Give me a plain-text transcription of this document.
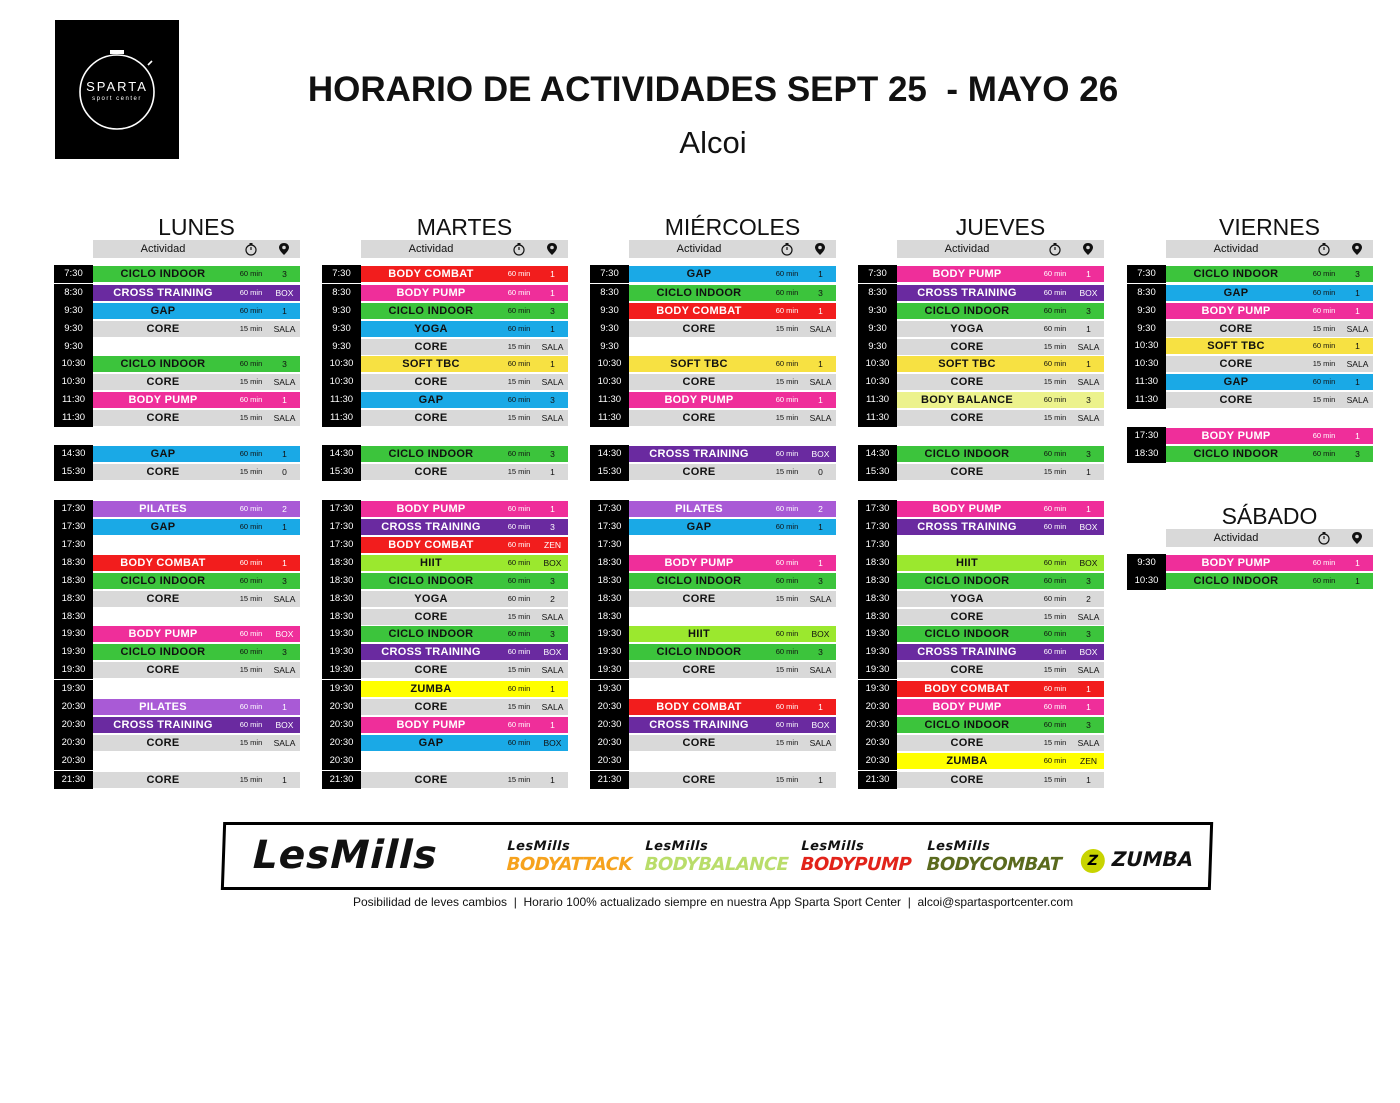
SPARTA
sport center	HORARIO DE ACTIVIDADES SEPT 25  - MAYO 26
Alcoi
LUNES
Actividad
7:30	CICLO INDOOR	60 min	3
8:30	CROSS TRAINING	60 min	BOX
9:30	GAP	60 min	1
9:30	CORE	15 min	SALA
9:30
10:30	CICLO INDOOR	60 min	3
10:30	CORE	15 min	SALA
11:30	BODY PUMP	60 min	1
11:30	CORE	15 min	SALA
14:30	GAP	60 min	1
15:30	CORE	15 min	0
17:30	PILATES	60 min	2
17:30	GAP	60 min	1
17:30
18:30	BODY COMBAT	60 min	1
18:30	CICLO INDOOR	60 min	3
18:30	CORE	15 min	SALA
18:30
19:30	BODY PUMP	60 min	BOX
19:30	CICLO INDOOR	60 min	3
19:30	CORE	15 min	SALA
19:30
20:30	PILATES	60 min	1
20:30	CROSS TRAINING	60 min	BOX
20:30	CORE	15 min	SALA
20:30
21:30	CORE	15 min	1
MARTES
Actividad
7:30	BODY COMBAT	60 min	1
8:30	BODY PUMP	60 min	1
9:30	CICLO INDOOR	60 min	3
9:30	YOGA	60 min	1
9:30	CORE	15 min	SALA
10:30	SOFT TBC	60 min	1
10:30	CORE	15 min	SALA
11:30	GAP	60 min	3
11:30	CORE	15 min	SALA
14:30	CICLO INDOOR	60 min	3
15:30	CORE	15 min	1
17:30	BODY PUMP	60 min	1
17:30	CROSS TRAINING	60 min	3
17:30	BODY COMBAT	60 min	ZEN
18:30	HIIT	60 min	BOX
18:30	CICLO INDOOR	60 min	3
18:30	YOGA	60 min	2
18:30	CORE	15 min	SALA
19:30	CICLO INDOOR	60 min	3
19:30	CROSS TRAINING	60 min	BOX
19:30	CORE	15 min	SALA
19:30	ZUMBA	60 min	1
20:30	CORE	15 min	SALA
20:30	BODY PUMP	60 min	1
20:30	GAP	60 min	BOX
20:30
21:30	CORE	15 min	1
MIÉRCOLES
Actividad
7:30	GAP	60 min	1
8:30	CICLO INDOOR	60 min	3
9:30	BODY COMBAT	60 min	1
9:30	CORE	15 min	SALA
9:30
10:30	SOFT TBC	60 min	1
10:30	CORE	15 min	SALA
11:30	BODY PUMP	60 min	1
11:30	CORE	15 min	SALA
14:30	CROSS TRAINING	60 min	BOX
15:30	CORE	15 min	0
17:30	PILATES	60 min	2
17:30	GAP	60 min	1
17:30
18:30	BODY PUMP	60 min	1
18:30	CICLO INDOOR	60 min	3
18:30	CORE	15 min	SALA
18:30
19:30	HIIT	60 min	BOX
19:30	CICLO INDOOR	60 min	3
19:30	CORE	15 min	SALA
19:30
20:30	BODY COMBAT	60 min	1
20:30	CROSS TRAINING	60 min	BOX
20:30	CORE	15 min	SALA
20:30
21:30	CORE	15 min	1
JUEVES
Actividad
7:30	BODY PUMP	60 min	1
8:30	CROSS TRAINING	60 min	BOX
9:30	CICLO INDOOR	60 min	3
9:30	YOGA	60 min	1
9:30	CORE	15 min	SALA
10:30	SOFT TBC	60 min	1
10:30	CORE	15 min	SALA
11:30	BODY BALANCE	60 min	3
11:30	CORE	15 min	SALA
14:30	CICLO INDOOR	60 min	3
15:30	CORE	15 min	1
17:30	BODY PUMP	60 min	1
17:30	CROSS TRAINING	60 min	BOX
17:30
18:30	HIIT	60 min	BOX
18:30	CICLO INDOOR	60 min	3
18:30	YOGA	60 min	2
18:30	CORE	15 min	SALA
19:30	CICLO INDOOR	60 min	3
19:30	CROSS TRAINING	60 min	BOX
19:30	CORE	15 min	SALA
19:30	BODY COMBAT	60 min	1
20:30	BODY PUMP	60 min	1
20:30	CICLO INDOOR	60 min	3
20:30	CORE	15 min	SALA
20:30	ZUMBA	60 min	ZEN
21:30	CORE	15 min	1
VIERNES
Actividad
7:30	CICLO INDOOR	60 min	3
8:30	GAP	60 min	1
9:30	BODY PUMP	60 min	1
9:30	CORE	15 min	SALA
10:30	SOFT TBC	60 min	1
10:30	CORE	15 min	SALA
11:30	GAP	60 min	1
11:30	CORE	15 min	SALA
17:30	BODY PUMP	60 min	1
18:30	CICLO INDOOR	60 min	3
SÁBADO
Actividad
9:30	BODY PUMP	60 min	1
10:30	CICLO INDOOR	60 min	1
LesMills	LesMills
BODYATTACK
LesMills
BODYBALANCE
LesMills
BODYPUMP
LesMills
BODYCOMBAT	Z ZUMBA
Posibilidad de leves cambios  |  Horario 100% actualizado siempre en nuestra App Sparta Sport Center  |  alcoi@spartasportcenter.com
